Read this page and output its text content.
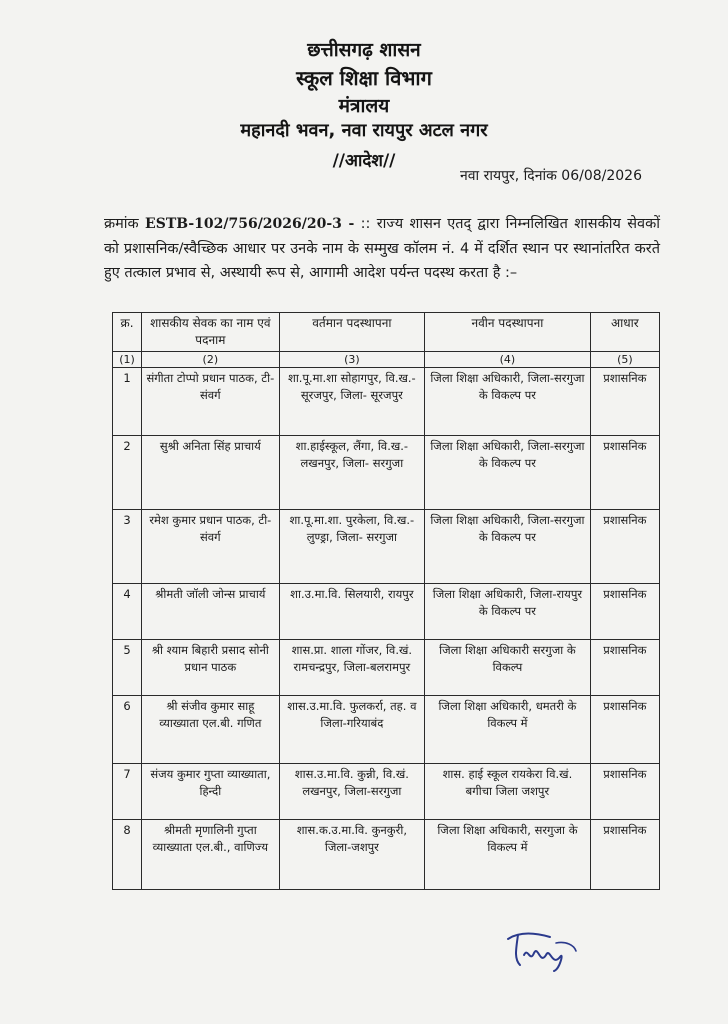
छत्तीसगढ़ शासन
स्कूल शिक्षा विभाग
मंत्रालय
महानदी भवन, नवा रायपुर अटल नगर
//आदेश//
नवा रायपुर, दिनांक 06/08/2026
क्रमांक ESTB-102/756/2026/20-3 - :: राज्य शासन एतद् द्वारा निम्नलिखित शासकीय सेवकों को प्रशासनिक/स्वैच्छिक आधार पर उनके नाम के सम्मुख कॉलम नं. 4 में दर्शित स्थान पर स्थानांतरित करते हुए तत्काल प्रभाव से, अस्थायी रूप से, आगामी आदेश पर्यन्त पदस्थ करता है :–
क्र.	शासकीय सेवक का नाम एवं पदनाम	वर्तमान पदस्थापना	नवीन पदस्थापना	आधार
(1)	(2)	(3)	(4)	(5)
1	संगीता टोप्पो प्रधान पाठक, टी-संवर्ग	शा.पू.मा.शा सोहागपुर, वि.ख.- सूरजपुर, जिला- सूरजपुर	जिला शिक्षा अधिकारी, जिला-सरगुजा के विकल्प पर	प्रशासनिक
2	सुश्री अनिता सिंह प्राचार्य	शा.हाईस्कूल, लैंगा, वि.ख.- लखनपुर, जिला- सरगुजा	जिला शिक्षा अधिकारी, जिला-सरगुजा के विकल्प पर	प्रशासनिक
3	रमेश कुमार प्रधान पाठक, टी-संवर्ग	शा.पू.मा.शा. पुरकेला, वि.ख.- लुण्ड्रा, जिला- सरगुजा	जिला शिक्षा अधिकारी, जिला-सरगुजा के विकल्प पर	प्रशासनिक
4	श्रीमती जॉली जोन्स प्राचार्य	शा.उ.मा.वि. सिलयारी, रायपुर	जिला शिक्षा अधिकारी, जिला-रायपुर के विकल्प पर	प्रशासनिक
5	श्री श्याम बिहारी प्रसाद सोनी प्रधान पाठक	शास.प्रा. शाला गोंजर, वि.खं. रामचन्द्रपुर, जिला-बलरामपुर	जिला शिक्षा अधिकारी सरगुजा के विकल्प	प्रशासनिक
6	श्री संजीव कुमार साहू व्याख्याता एल.बी. गणित	शास.उ.मा.वि. फुलकर्रा, तह. व जिला-गरियाबंद	जिला शिक्षा अधिकारी, धमतरी के विकल्प में	प्रशासनिक
7	संजय कुमार गुप्ता व्याख्याता, हिन्दी	शास.उ.मा.वि. कुन्नी, वि.खं. लखनपुर, जिला-सरगुजा	शास. हाई स्कूल रायकेरा वि.खं. बगीचा जिला जशपुर	प्रशासनिक
8	श्रीमती मृणालिनी गुप्ता व्याख्याता एल.बी., वाणिज्य	शास.क.उ.मा.वि. कुनकुरी, जिला-जशपुर	जिला शिक्षा अधिकारी, सरगुजा के विकल्प में	प्रशासनिक
